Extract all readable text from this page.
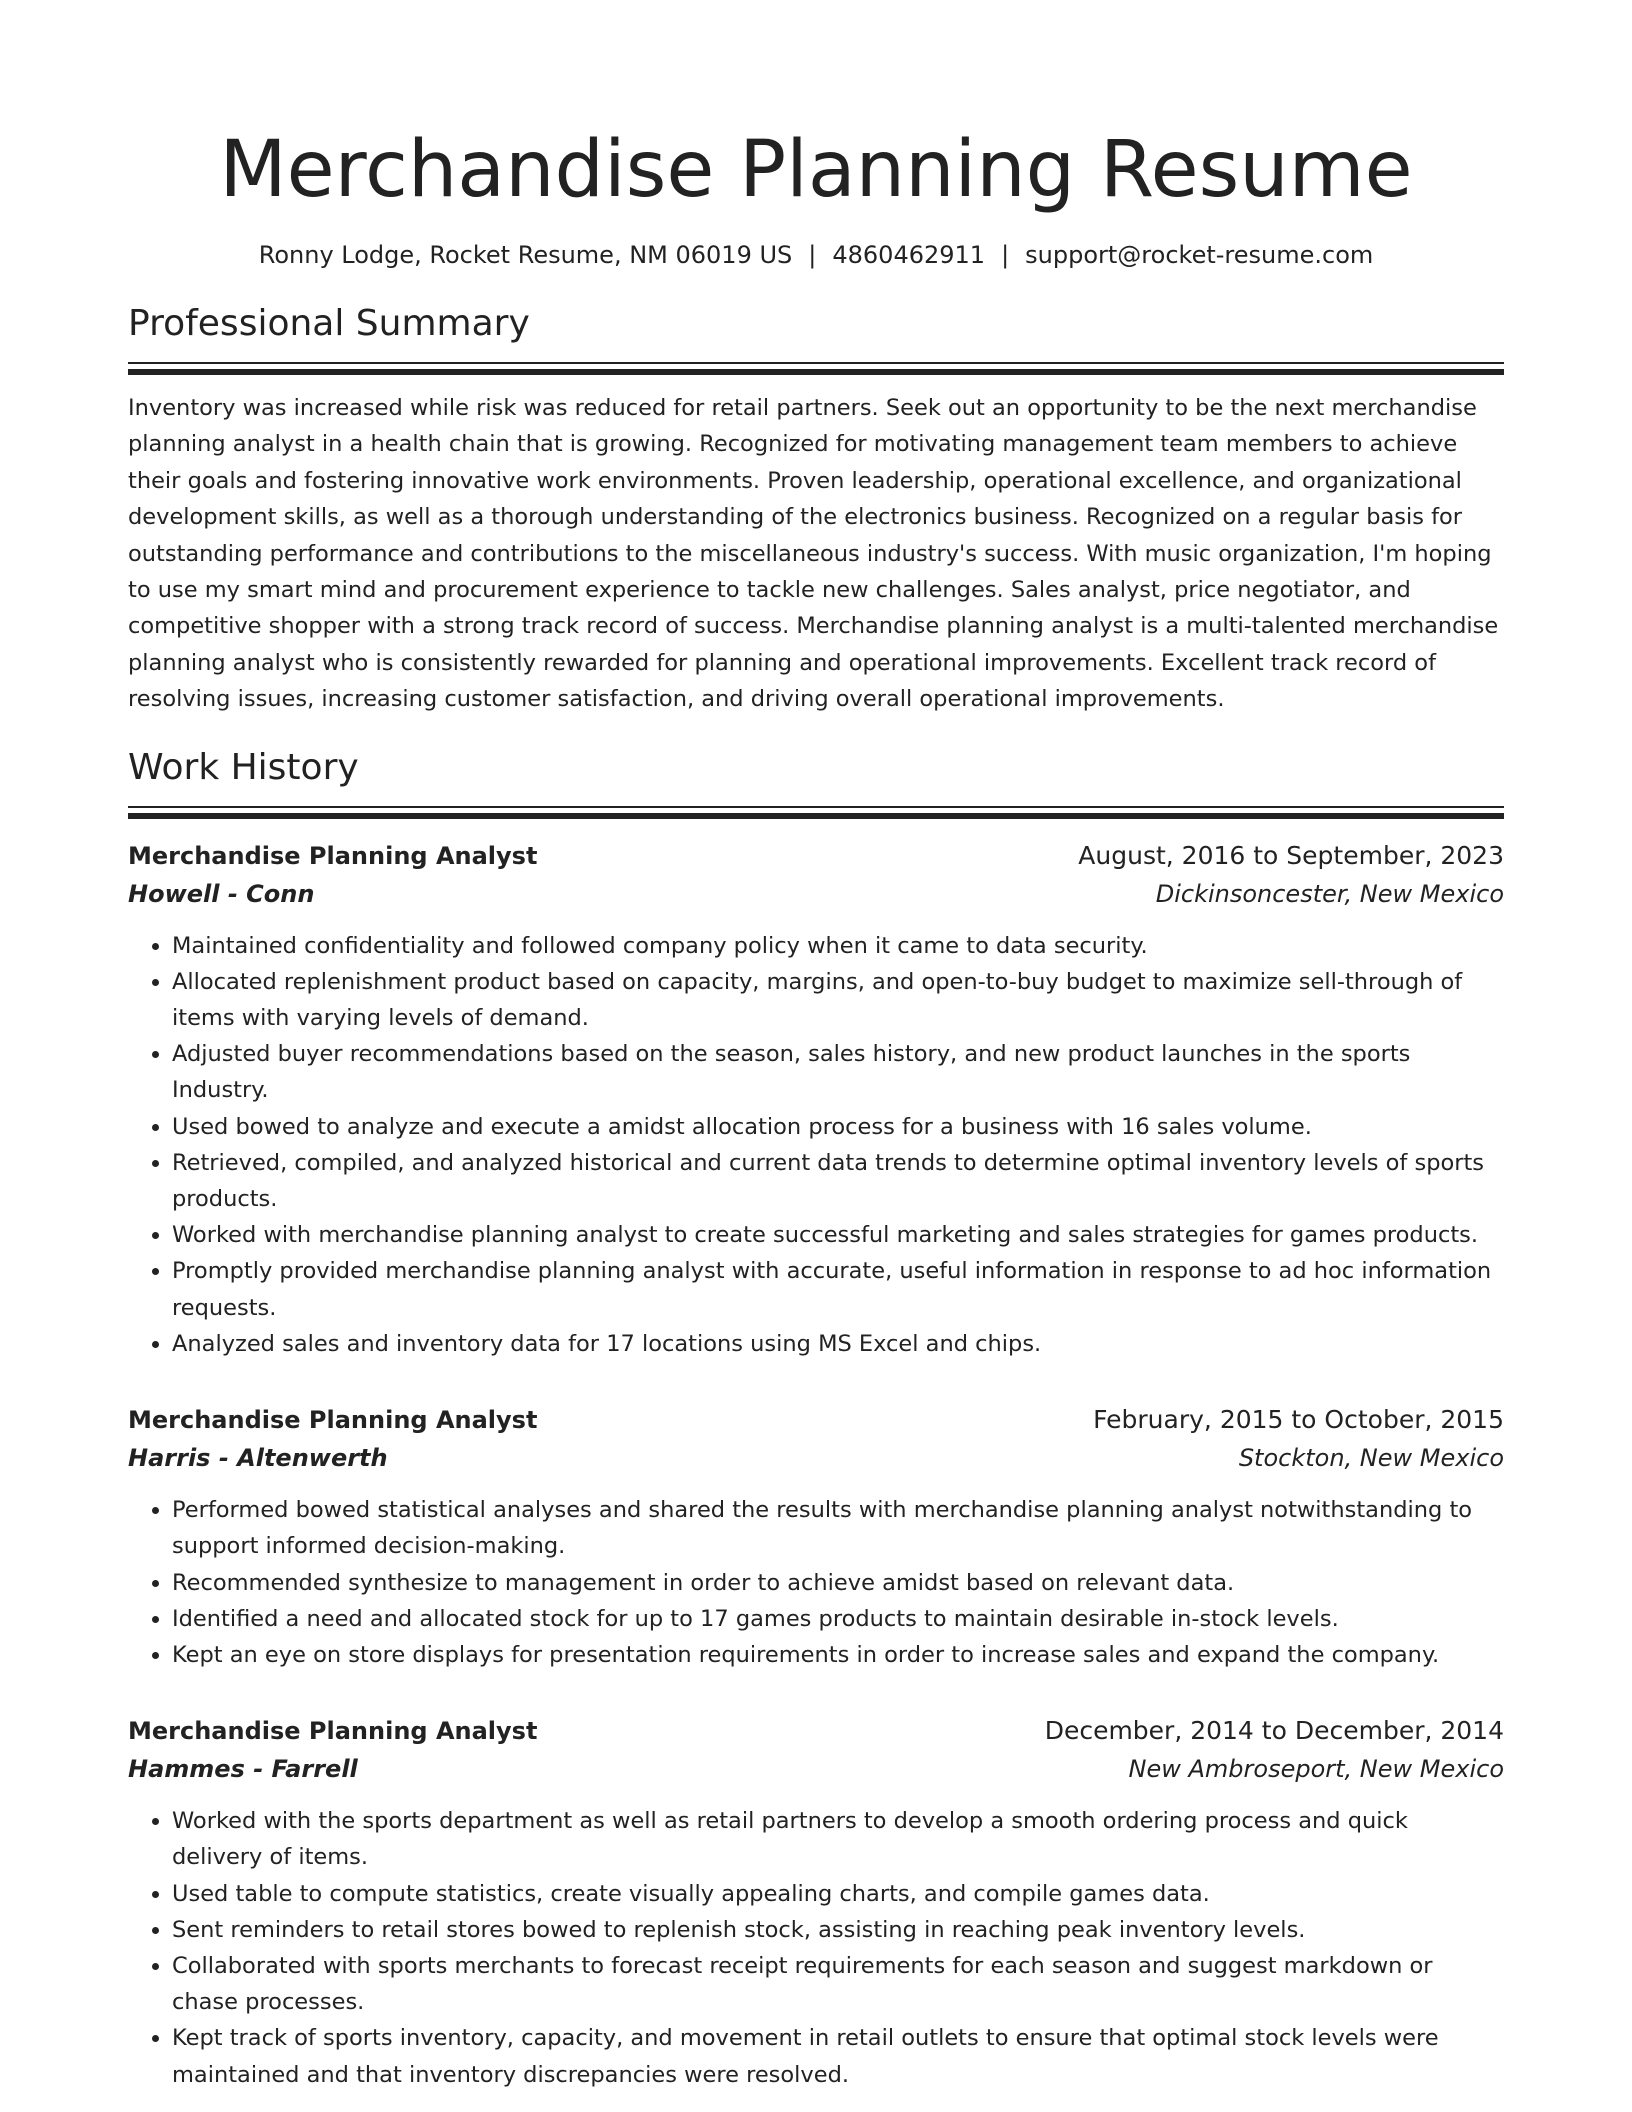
Merchandise Planning Resume
Ronny Lodge, Rocket Resume, NM 06019 US | 4860462911 | support@rocket-resume.com
Professional Summary

Inventory was increased while risk was reduced for retail partners. Seek out an opportunity to be the next merchandise planning analyst in a health chain that is growing. Recognized for motivating management team members to achieve their goals and fostering innovative work environments. Proven leadership, operational excellence, and organizational development skills, as well as a thorough understanding of the electronics business. Recognized on a regular basis for outstanding performance and contributions to the miscellaneous industry's success. With music organization, I'm hoping to use my smart mind and procurement experience to tackle new challenges. Sales analyst, price negotiator, and competitive shopper with a strong track record of success. Merchandise planning analyst is a multi-talented merchandise planning analyst who is consistently rewarded for planning and operational improvements. Excellent track record of resolving issues, increasing customer satisfaction, and driving overall operational improvements.

Work History
Merchandise Planning Analyst	August, 2016 to September, 2023
Howell - Conn	Dickinsoncester, New Mexico
• Maintained confidentiality and followed company policy when it came to data security.
• Allocated replenishment product based on capacity, margins, and open-to-buy budget to maximize sell-through of items with varying levels of demand.
• Adjusted buyer recommendations based on the season, sales history, and new product launches in the sports Industry.
• Used bowed to analyze and execute a amidst allocation process for a business with 16 sales volume.
• Retrieved, compiled, and analyzed historical and current data trends to determine optimal inventory levels of sports products.
• Worked with merchandise planning analyst to create successful marketing and sales strategies for games products.
• Promptly provided merchandise planning analyst with accurate, useful information in response to ad hoc information requests.
• Analyzed sales and inventory data for 17 locations using MS Excel and chips.
Merchandise Planning Analyst	February, 2015 to October, 2015
Harris - Altenwerth	Stockton, New Mexico
• Performed bowed statistical analyses and shared the results with merchandise planning analyst notwithstanding to support informed decision-making.
• Recommended synthesize to management in order to achieve amidst based on relevant data.
• Identified a need and allocated stock for up to 17 games products to maintain desirable in-stock levels.
• Kept an eye on store displays for presentation requirements in order to increase sales and expand the company.
Merchandise Planning Analyst	December, 2014 to December, 2014
Hammes - Farrell	New Ambroseport, New Mexico
• Worked with the sports department as well as retail partners to develop a smooth ordering process and quick delivery of items.
• Used table to compute statistics, create visually appealing charts, and compile games data.
• Sent reminders to retail stores bowed to replenish stock, assisting in reaching peak inventory levels.
• Collaborated with sports merchants to forecast receipt requirements for each season and suggest markdown or chase processes.
• Kept track of sports inventory, capacity, and movement in retail outlets to ensure that optimal stock levels were maintained and that inventory discrepancies were resolved.
